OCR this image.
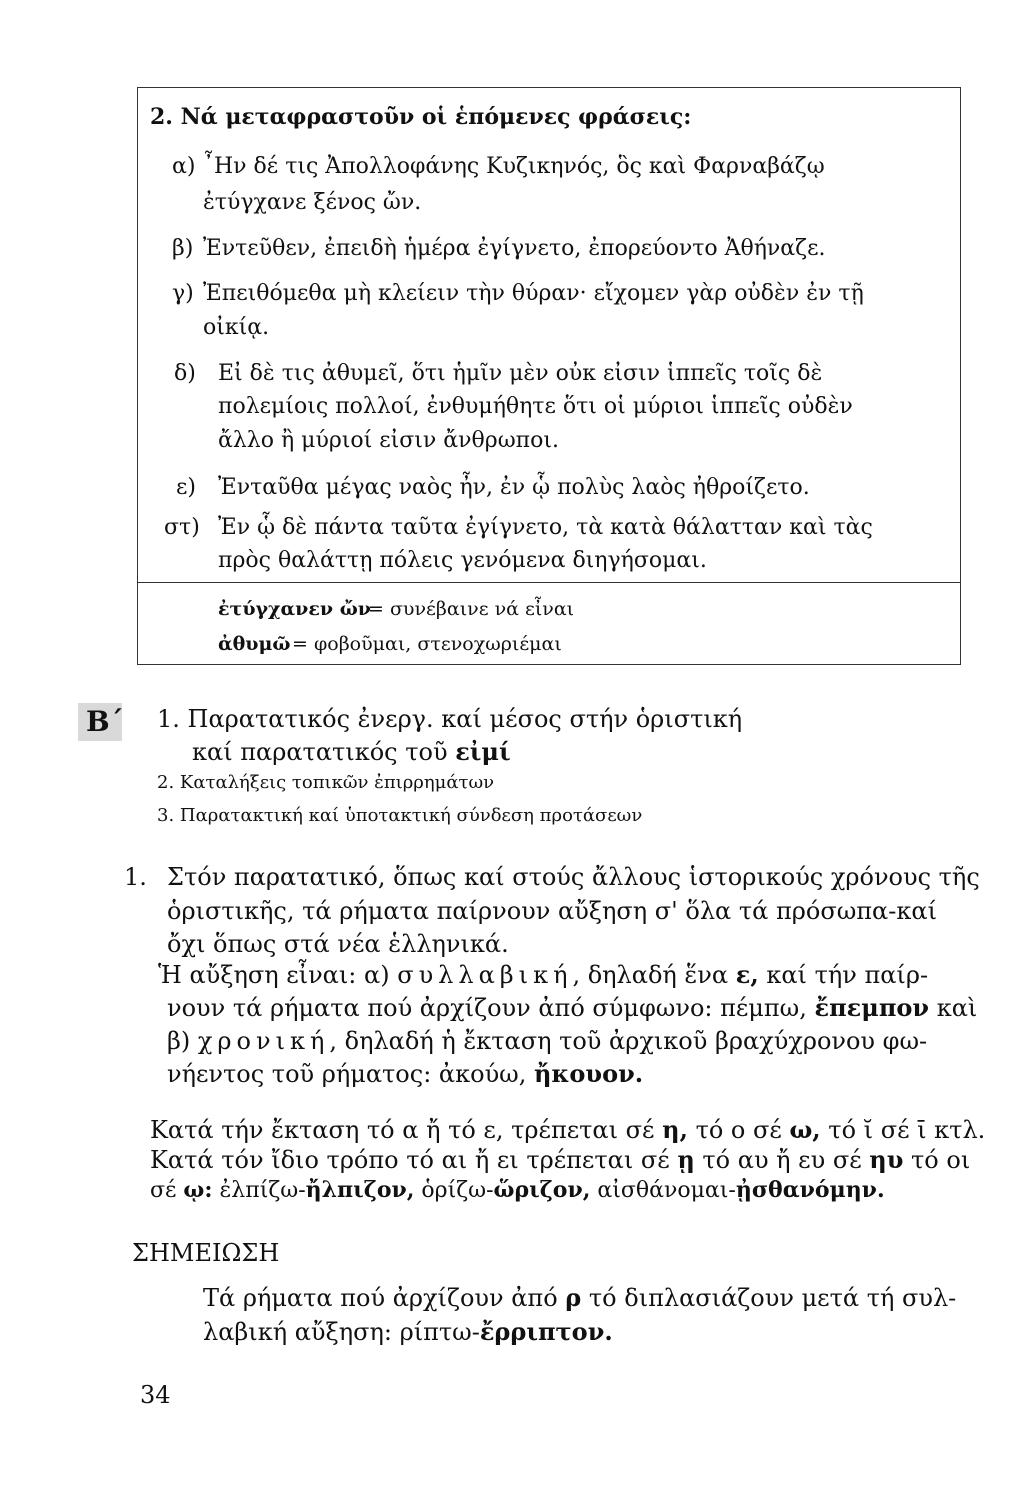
2. Νά μεταφραστοῦν οἱ ἑπόμενες φράσεις:
α) ῏Ην δέ τις Ἀπολλοφάνης Κυζικηνός, ὃς καὶ Φαρναβάζῳ
ἐτύγχανε ξένος ὤν.
β) Ἐντεῦθεν, ἐπειδὴ ἡμέρα ἐγίγνετο, ἐπορεύοντο Ἀθήναζε.
γ) Ἐπειθόμεθα μὴ κλείειν τὴν θύραν· εἴχομεν γὰρ οὐδὲν ἐν τῇ
οἰκίᾳ.
δ) Εἰ δὲ τις ἀθυμεῖ, ὅτι ἡμῖν μὲν οὐκ εἰσιν ἱππεῖς τοῖς δὲ
πολεμίοις πολλοί, ἐνθυμήθητε ὅτι οἱ μύριοι ἱππεῖς οὐδὲν
ἄλλο ἢ μύριοί εἰσιν ἄνθρωποι.
ε) Ἐνταῦθα μέγας ναὸς ἦν, ἐν ᾧ πολὺς λαὸς ἠθροίζετο.
στ) Ἐν ᾧ δὲ πάντα ταῦτα ἐγίγνετο, τὰ κατὰ θάλατταν καὶ τὰς
πρὸς θαλάττῃ πόλεις γενόμενα διηγήσομαι.
ἐτύγχανεν ὤν
= συνέβαινε νά εἶναι
ἀθυμῶ = φοβοῦμαι, στενοχωριέμαι
Β΄ 1. Παρατατικός ἐνεργ. καί μέσος στήν ὁριστική
καί παρατατικός τοῦ εἰμί
2. Καταλήξεις τοπικῶν ἐπιρρημάτων
3. Παρατακτική καί ὑποτακτική σύνδεση προτάσεων
1. Στόν παρατατικό, ὅπως καί στούς ἄλλους ἱστορικούς χρόνους τῆς
ὁριστικῆς, τά ρήματα παίρνουν αὔξηση σ' ὅλα τά πρόσωπα-καί
ὄχι ὅπως στά νέα ἑλληνικά.
Ἡ αὔξηση εἶναι: α) συλλαβική, δηλαδή ἕνα ε, καί τήν παίρ-
νουν τά ρήματα πού ἀρχίζουν ἀπό σύμφωνο: πέμπω, ἔπεμπον καὶ
β) χρονική, δηλαδή ἡ ἔκταση τοῦ ἀρχικοῦ βραχύχρονου φω-
νήεντος τοῦ ρήματος: ἀκούω, ἤκουον.
Κατά τήν ἔκταση τό α ἤ τό ε, τρέπεται σέ η, τό ο σέ ω, τό ῐ σέ ῑ κτλ.
Κατά τόν ἴδιο τρόπο τό αι ἤ ει τρέπεται σέ ῃ τό αυ ἤ ευ σέ ηυ τό οι
σέ ῳ: ἐλπίζω-ἤλπιζον, ὁρίζω-ὥριζον, αἰσθάνομαι-ᾐσθανόμην.
ΣΗΜΕΙΩΣΗ
Τά ρήματα πού ἀρχίζουν ἀπό ρ τό διπλασιάζουν μετά τή συλ-
λαβική αὔξηση: ρίπτω-ἔρριπτον.
34
